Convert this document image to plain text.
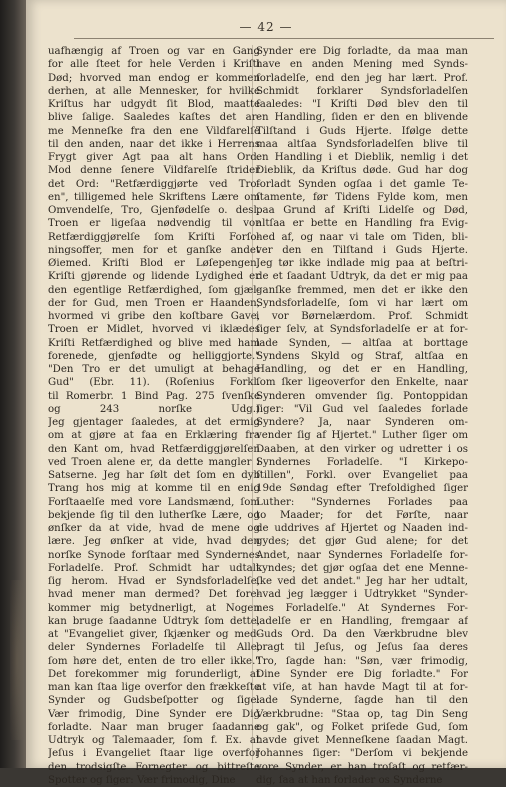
— 42 —
uafhængig af Troen og var en Gang
for alle ſteet for hele Verden i Kriſti
Død; hvorved man endog er kommen
derhen, at alle Mennesker, for hvilke
Kriſtus har udgydt ſit Blod, maatte
blive ſalige. Saaledes kaſtes det ar-
me Menneſke fra den ene Vildfarelſe
til den anden, naar det ikke i Herrens
Frygt giver Agt paa alt hans Ord.
Mod denne ſenere Vildfarelſe ſtrider
det Ord: "Retfærdiggjørte ved Tro-
en", tilligemed hele Skriftens Lære om
Omvendelſe, Tro, Gjenfødelſe o. desl.
Troen er ligeſaa nødvendig til vor
Retfærdiggjørelſe ſom Kriſti Forſo-
ningsoffer, men for et ganſke andet
Øiemed. Kriſti Blod er Løſepengen,
Kriſti gjørende og lidende Lydighed er
den egentlige Retfærdighed, ſom gjæl-
der for Gud, men Troen er Haanden,
hvormed vi gribe den koſtbare Gave,
Troen er Midlet, hvorved vi iklædes
Kriſti Retfærdighed og blive med ham
forenede, gjenfødte og helliggjorte."
"Den Tro er det umuligt at behage
Gud" (Ebr. 11). (Roſenius Forkl.
til Romerbr. 1 Bind Pag. 275 ſvenſke
og 243 norſke Udg.)
Jeg gjentager ſaaledes, at det ermig
om at gjøre at faa en Erklæring fra
den Kant om, hvad Retfærdiggjørelſen
ved Troen alene er, da dette mangler i
Satserne. Jeg har ſølt det ſom en dyb
Trang hos mig at komme til en enig
Forſtaaelſe med vore Landsmænd, ſom
bekjende ſig til den lutherſke Lære, og
ønſker da at vide, hvad de mene og
lære. Jeg ønſker at vide, hvad den
norſke Synode forſtaar med Syndernes
Forladelſe. Prof. Schmidt har udtalt
ſig herom. Hvad er Syndsforladelſe,
hvad mener man dermed? Det fore-
kommer mig betydnerligt, at Nogen
kan bruge ſaadanne Udtryk ſom dette,
at "Evangeliet giver, ſkjænker og med-
deler Syndernes Forladelſe til Alle,
ſom høre det, enten de tro eller ikke."
Det forekommer mig forunderligt, at
man kan ſtaa lige overfor den frækkeſte
Synder og Gudsbeſpotter og ſige:
Vær frimodig, Dine Synder ere Dig
forladte. Naar man bruger ſaadanne
Udtryk og Talemaader, ſom f. Ex. at
Jeſus i Evangeliet ſtaar lige overfor
den trodsigſte Fornegter og bittreſte
Spotter og ſiger: Vær frimodig, Dine
Synder ere Dig forladte, da maa man
have en anden Mening med Synds-
forladelſe, end den jeg har lært. Prof.
Schmidt forklarer Syndsforladelſen
ſaaledes: "I Kriſti Død blev den til
en Handling, ſiden er den en blivende
Tilſtand i Guds Hjerte. Ifølge dette
maa altſaa Syndsforladelſen blive til
en Handling i et Dieblik, nemlig i det
Dieblik, da Kriſtus døde. Gud har dog
forladt Synden ogſaa i det gamle Te-
ſtamente, før Tidens Fylde kom, men
paa Grund af Kriſti Lidelſe og Død,
altſaa er bette en Handling fra Evig-
hed af, og naar vi tale om Tiden, bli-
ver den en Tilſtand i Guds Hjerte.
Jeg tør ikke indlade mig paa at beſtri-
de et ſaadant Udtryk, da det er mig paa
ganſke fremmed, men det er ikke den
Syndsforladelſe, ſom vi har lært om
i vor Børnelærdom. Prof. Schmidt
ſiger ſelv, at Syndsforladelſe er at for-
lade Synden, — altſaa at borttage
Syndens Skyld og Straf, altſaa en
Handling, og det er en Handling,
ſom ſker ligeoverfor den Enkelte, naar
Synderen omvender ſig. Pontoppidan
ſiger: "Vil Gud vel ſaaledes forlade
Syndere? Ja, naar Synderen om-
vender ſig af Hjertet." Luther ſiger om
Daaben, at den virker og udretter i os
Syndernes Forladelſe. "I Kirkepo-
ſtillen", Forkl. over Evangeliet paa
19de Søndag efter Trefoldighed ſiger
Luther: "Syndernes Forlades paa
to Maader; for det Førſte, naar
de uddrives af Hjertet og Naaden ind-
gydes; det gjør Gud alene; for det
Andet, naar Syndernes Forladelſe for-
kyndes; det gjør ogſaa det ene Menne-
ſke ved det andet." Jeg har her udtalt,
hvad jeg lægger i Udtrykket "Synder-
nes Forladelſe." At Syndernes For-
ladelſe er en Handling, fremgaar af
Guds Ord. Da den Værkbrudne blev
bragt til Jeſus, og Jeſus ſaa deres
Tro, ſagde han: "Søn, vær frimodig,
Dine Synder ere Dig forladte." For
at viſe, at han havde Magt til at for-
lade Synderne, ſagde han til den
Værkbrudne: "Staa op, tag Din Seng
og gak", og Folket priſede Gud, ſom
havde givet Menneſkene ſaadan Magt.
Johannes ſiger: "Derſom vi bekjende
vore Synder, er han troſaſt og retfær-
dig, ſaa at han forlader os Synderne
